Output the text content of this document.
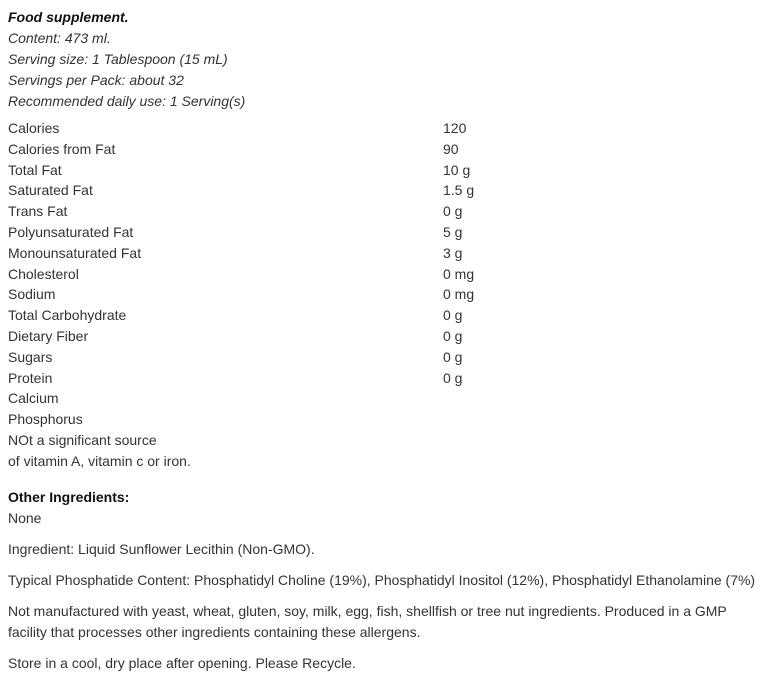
Food supplement.
Content: 473 ml.
Serving size: 1 Tablespoon (15 mL)
Servings per Pack: about 32
Recommended daily use: 1 Serving(s)
Calories	120
Calories from Fat	90
Total Fat	10 g
Saturated Fat	1.5 g
Trans Fat	0 g
Polyunsaturated Fat	5 g
Monounsaturated Fat	3 g
Cholesterol	0 mg
Sodium	0 mg
Total Carbohydrate	0 g
Dietary Fiber	0 g
Sugars	0 g
Protein	0 g
Calcium
Phosphorus
NOt a significant source
of vitamin A, vitamin c or iron.
Other Ingredients:

None

Ingredient: Liquid Sunflower Lecithin (Non-GMO).

Typical Phosphatide Content: Phosphatidyl Choline (19%), Phosphatidyl Inositol (12%), Phosphatidyl Ethanolamine (7%)

Not manufactured with yeast, wheat, gluten, soy, milk, egg, fish, shellfish or tree nut ingredients. Produced in a GMP facility that processes other ingredients containing these allergens.

Store in a cool, dry place after opening. Please Recycle.
